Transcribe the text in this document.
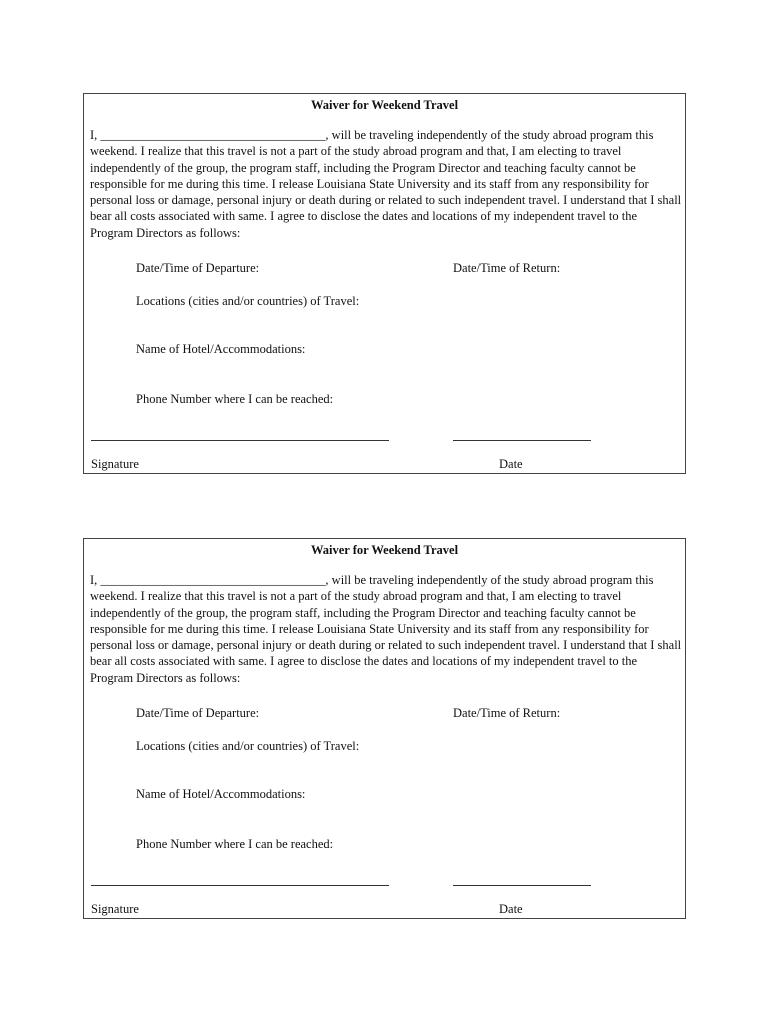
Waiver for Weekend Travel

I, ____________________________________, will be traveling independently of the study abroad program this weekend. I realize that this travel is not a part of the study abroad program and that, I am electing to travel independently of the group, the program staff, including the Program Director and teaching faculty cannot be responsible for me during this time. I release Louisiana State University and its staff from any responsibility for personal loss or damage, personal injury or death during or related to such independent travel. I understand that I shall bear all costs associated with same. I agree to disclose the dates and locations of my independent travel to the Program Directors as follows:

Date/Time of Departure:	Date/Time of Return:
Locations (cities and/or countries) of Travel:
Name of Hotel/Accommodations:
Phone Number where I can be reached:
Signature	Date
Waiver for Weekend Travel

I, ____________________________________, will be traveling independently of the study abroad program this weekend. I realize that this travel is not a part of the study abroad program and that, I am electing to travel independently of the group, the program staff, including the Program Director and teaching faculty cannot be responsible for me during this time. I release Louisiana State University and its staff from any responsibility for personal loss or damage, personal injury or death during or related to such independent travel. I understand that I shall bear all costs associated with same. I agree to disclose the dates and locations of my independent travel to the Program Directors as follows:

Date/Time of Departure:	Date/Time of Return:
Locations (cities and/or countries) of Travel:
Name of Hotel/Accommodations:
Phone Number where I can be reached:
Signature	Date
